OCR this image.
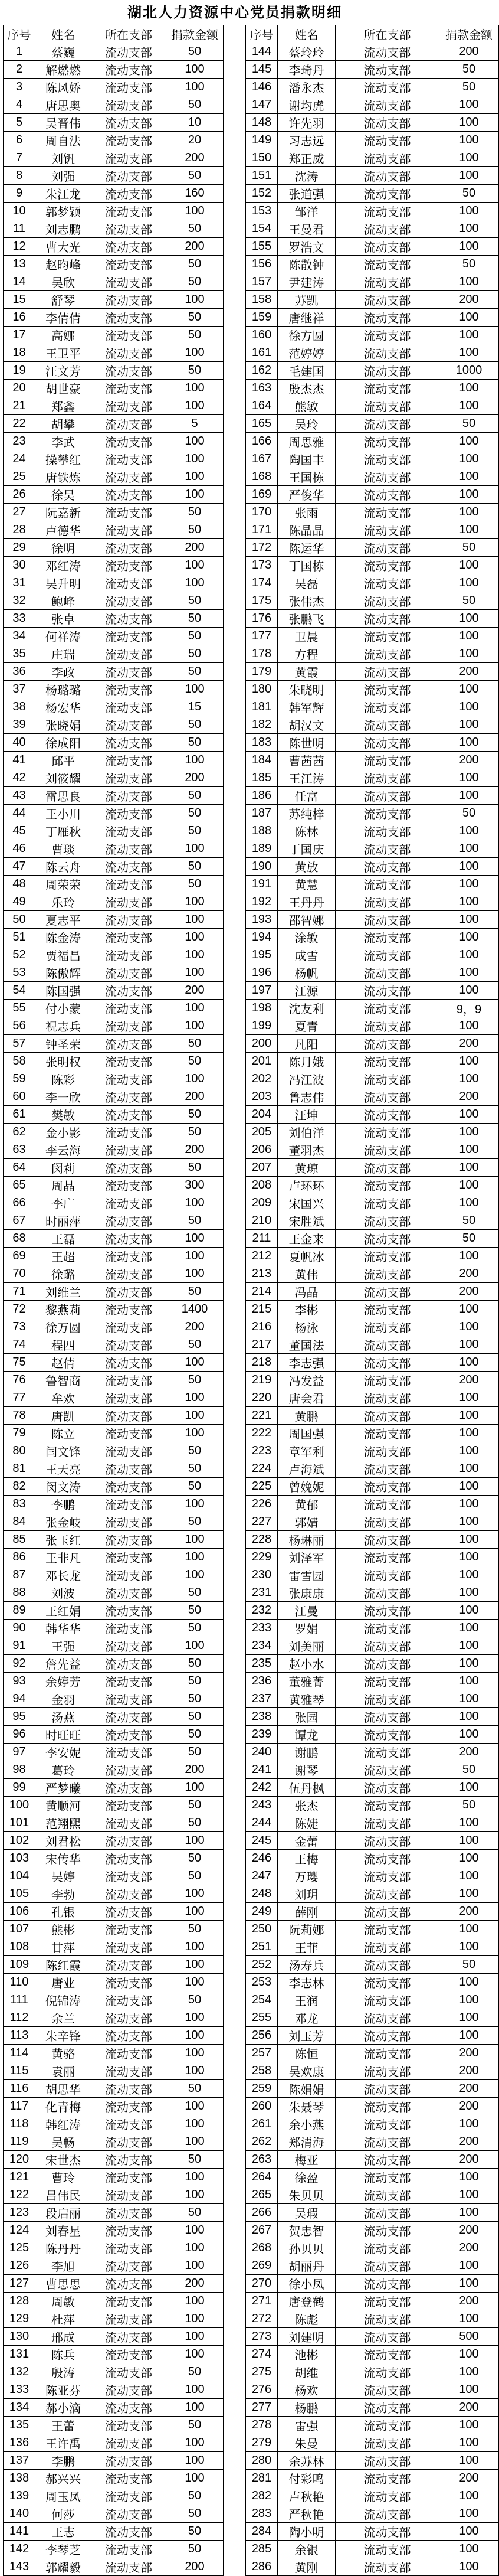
湖北人力资源中心党员捐款明细
序号	姓名	所在支部	捐款金额		序号	姓名	所在支部	捐款金额
1	蔡巍	流动支部	50		144	蔡玲玲	流动支部	200
2	解燃燃	流动支部	100		145	李琦丹	流动支部	50
3	陈风娇	流动支部	100		146	潘永杰	流动支部	50
4	唐思奥	流动支部	50		147	谢均虎	流动支部	100
5	吴晋伟	流动支部	10		148	许先羽	流动支部	100
6	周自法	流动支部	20		149	习志远	流动支部	100
7	刘钒	流动支部	200		150	郑正威	流动支部	100
8	刘强	流动支部	50		151	沈涛	流动支部	100
9	朱江龙	流动支部	160		152	张道强	流动支部	50
10	郭梦颖	流动支部	100		153	邹洋	流动支部	100
11	刘志鹏	流动支部	50		154	王曼君	流动支部	100
12	曹大光	流动支部	200		155	罗浩文	流动支部	100
13	赵昀峰	流动支部	50		156	陈散钟	流动支部	50
14	吴欣	流动支部	50		157	尹建涛	流动支部	100
15	舒琴	流动支部	100		158	苏凯	流动支部	200
16	李倩倩	流动支部	50		159	唐继祥	流动支部	100
17	高娜	流动支部	50		160	徐方圆	流动支部	100
18	王卫平	流动支部	100		161	范婷婷	流动支部	100
19	汪文芳	流动支部	50		162	毛建国	流动支部	1000
20	胡世豪	流动支部	100		163	殷杰杰	流动支部	100
21	郑鑫	流动支部	100		164	熊敏	流动支部	100
22	胡攀	流动支部	5		165	吴玲	流动支部	50
23	李武	流动支部	100		166	周思雅	流动支部	100
24	操攀红	流动支部	100		167	陶国丰	流动支部	100
25	唐铁炼	流动支部	100		168	王国栋	流动支部	100
26	徐昊	流动支部	100		169	严俊华	流动支部	100
27	阮嘉新	流动支部	50		170	张雨	流动支部	100
28	卢德华	流动支部	50		171	陈晶晶	流动支部	100
29	徐明	流动支部	200		172	陈运华	流动支部	50
30	邓红涛	流动支部	100		173	丁国栋	流动支部	100
31	吴升明	流动支部	100		174	吴磊	流动支部	100
32	鲍峰	流动支部	50		175	张伟杰	流动支部	50
33	张卓	流动支部	50		176	张鹏飞	流动支部	100
34	何祥涛	流动支部	50		177	卫晨	流动支部	100
35	庄瑞	流动支部	50		178	方程	流动支部	100
36	李政	流动支部	50		179	黄霞	流动支部	200
37	杨璐璐	流动支部	100		180	朱晓明	流动支部	100
38	杨宏华	流动支部	15		181	韩军辉	流动支部	100
39	张晓娟	流动支部	50		182	胡汉文	流动支部	100
40	徐成阳	流动支部	50		183	陈世明	流动支部	100
41	邱平	流动支部	100		184	曹茜茜	流动支部	200
42	刘筱耀	流动支部	200		185	王江涛	流动支部	100
43	雷思良	流动支部	50		186	任富	流动支部	100
44	王小川	流动支部	50		187	苏纯梓	流动支部	50
45	丁雁秋	流动支部	50		188	陈林	流动支部	100
46	曹琰	流动支部	100		189	丁国庆	流动支部	100
47	陈云舟	流动支部	50		190	黄放	流动支部	100
48	周荣荣	流动支部	50		191	黄慧	流动支部	100
49	乐玲	流动支部	100		192	王丹丹	流动支部	100
50	夏志平	流动支部	100		193	邵智娜	流动支部	100
51	陈金涛	流动支部	100		194	涂敏	流动支部	100
52	贾福昌	流动支部	100		195	成雪	流动支部	100
53	陈傲辉	流动支部	100		196	杨帆	流动支部	100
54	陈国强	流动支部	200		197	江源	流动支部	100
55	付小蒙	流动支部	100		198	沈友利	流动支部	9，9
56	祝志兵	流动支部	100		199	夏青	流动支部	100
57	钟圣荣	流动支部	50		200	凡阳	流动支部	200
58	张明权	流动支部	50		201	陈月娥	流动支部	100
59	陈彩	流动支部	100		202	冯江波	流动支部	100
60	李一欣	流动支部	200		203	鲁志伟	流动支部	200
61	樊敏	流动支部	50		204	汪坤	流动支部	100
62	金小影	流动支部	50		205	刘伯洋	流动支部	100
63	李云海	流动支部	200		206	董羽杰	流动支部	100
64	闵莉	流动支部	50		207	黄琼	流动支部	100
65	周晶	流动支部	300		208	卢环环	流动支部	100
66	李广	流动支部	100		209	宋国兴	流动支部	100
67	时丽萍	流动支部	50		210	宋胜斌	流动支部	50
68	王磊	流动支部	100		211	王金来	流动支部	50
69	王超	流动支部	100		212	夏帆冰	流动支部	100
70	徐璐	流动支部	100		213	黄伟	流动支部	200
71	刘维兰	流动支部	50		214	冯晶	流动支部	200
72	黎燕莉	流动支部	1400		215	李彬	流动支部	100
73	徐万圆	流动支部	200		216	杨泳	流动支部	100
74	程四	流动支部	50		217	董国法	流动支部	100
75	赵倩	流动支部	100		218	李志强	流动支部	100
76	鲁智商	流动支部	50		219	冯发益	流动支部	200
77	牟欢	流动支部	100		220	唐会君	流动支部	100
78	唐凯	流动支部	100		221	黄鹏	流动支部	100
79	陈立	流动支部	100		222	周国强	流动支部	100
80	闫文锋	流动支部	50		223	章军利	流动支部	100
81	王天亮	流动支部	50		224	卢海斌	流动支部	100
82	闵文涛	流动支部	50		225	曾娩妮	流动支部	100
83	李鹏	流动支部	100		226	黄郁	流动支部	100
84	张金岐	流动支部	50		227	郭婧	流动支部	100
85	张玉红	流动支部	100		228	杨琳丽	流动支部	100
86	王非凡	流动支部	100		229	刘泽军	流动支部	100
87	邓长龙	流动支部	100		230	雷雪园	流动支部	100
88	刘波	流动支部	50		231	张康康	流动支部	100
89	王红娟	流动支部	50		232	江曼	流动支部	100
90	韩华华	流动支部	50		233	罗娟	流动支部	100
91	王强	流动支部	100		234	刘美丽	流动支部	100
92	詹先益	流动支部	50		235	赵小水	流动支部	100
93	余婷芳	流动支部	50		236	董雅菁	流动支部	100
94	金羽	流动支部	50		237	黄雅琴	流动支部	100
95	汤燕	流动支部	50		238	张园	流动支部	100
96	时旺旺	流动支部	50		239	谭龙	流动支部	100
97	李安妮	流动支部	50		240	谢鹏	流动支部	200
98	葛玲	流动支部	200		241	谢琴	流动支部	50
99	严梦曦	流动支部	100		242	伍丹枫	流动支部	100
100	黄顺河	流动支部	50		243	张杰	流动支部	50
101	范翔熙	流动支部	50		244	陈婕	流动支部	100
102	刘君松	流动支部	100		245	金蕾	流动支部	100
103	宋传华	流动支部	50		246	王梅	流动支部	100
104	吴婷	流动支部	50		247	万璎	流动支部	100
105	李勃	流动支部	100		248	刘玥	流动支部	100
106	孔银	流动支部	100		249	薛刚	流动支部	200
107	熊彬	流动支部	50		250	阮莉娜	流动支部	100
108	甘萍	流动支部	100		251	王菲	流动支部	100
109	陈红霞	流动支部	100		252	汤寿兵	流动支部	50
110	唐业	流动支部	100		253	李志林	流动支部	100
111	倪锦涛	流动支部	50		254	王润	流动支部	100
112	余兰	流动支部	100		255	邓龙	流动支部	100
113	朱辛锋	流动支部	100		256	刘玉芳	流动支部	100
114	黄骆	流动支部	100		257	陈恒	流动支部	200
115	袁丽	流动支部	100		258	吴欢康	流动支部	200
116	胡思华	流动支部	50		259	陈娟娟	流动支部	200
117	化青梅	流动支部	100		260	朱聂琴	流动支部	200
118	韩红涛	流动支部	100		261	余小燕	流动支部	100
119	吴畅	流动支部	100		262	郑清海	流动支部	200
120	宋世杰	流动支部	50		263	梅亚	流动支部	200
121	曹玲	流动支部	100		264	徐盈	流动支部	100
122	吕伟民	流动支部	100		265	朱贝贝	流动支部	100
123	段启丽	流动支部	50		266	吴瑕	流动支部	100
124	刘春星	流动支部	100		267	贺忠智	流动支部	200
125	陈丹丹	流动支部	100		268	孙贝贝	流动支部	200
126	李旭	流动支部	100		269	胡丽丹	流动支部	100
127	曹思思	流动支部	200		270	徐小凤	流动支部	100
128	周敏	流动支部	100		271	唐登鹤	流动支部	200
129	杜萍	流动支部	100		272	陈彪	流动支部	100
130	邢成	流动支部	100		273	刘建明	流动支部	500
131	陈兵	流动支部	100		274	池彬	流动支部	100
132	殷涛	流动支部	50		275	胡维	流动支部	100
133	陈亚芬	流动支部	100		276	杨欢	流动支部	100
134	郝小滴	流动支部	100		277	杨鹏	流动支部	200
135	王蕾	流动支部	50		278	雷强	流动支部	100
136	王许禹	流动支部	100		279	朱曼	流动支部	100
137	李鹏	流动支部	100		280	余苏林	流动支部	100
138	郝兴兴	流动支部	100		281	付彩鸣	流动支部	200
139	周玉凤	流动支部	50		282	卢秋艳	流动支部	100
140	何莎	流动支部	50		283	严秋艳	流动支部	100
141	王志	流动支部	50		284	陶小明	流动支部	100
142	李琴芝	流动支部	50		285	余银	流动支部	100
143	郭耀毅	流动支部	200		286	黄刚	流动支部	100
